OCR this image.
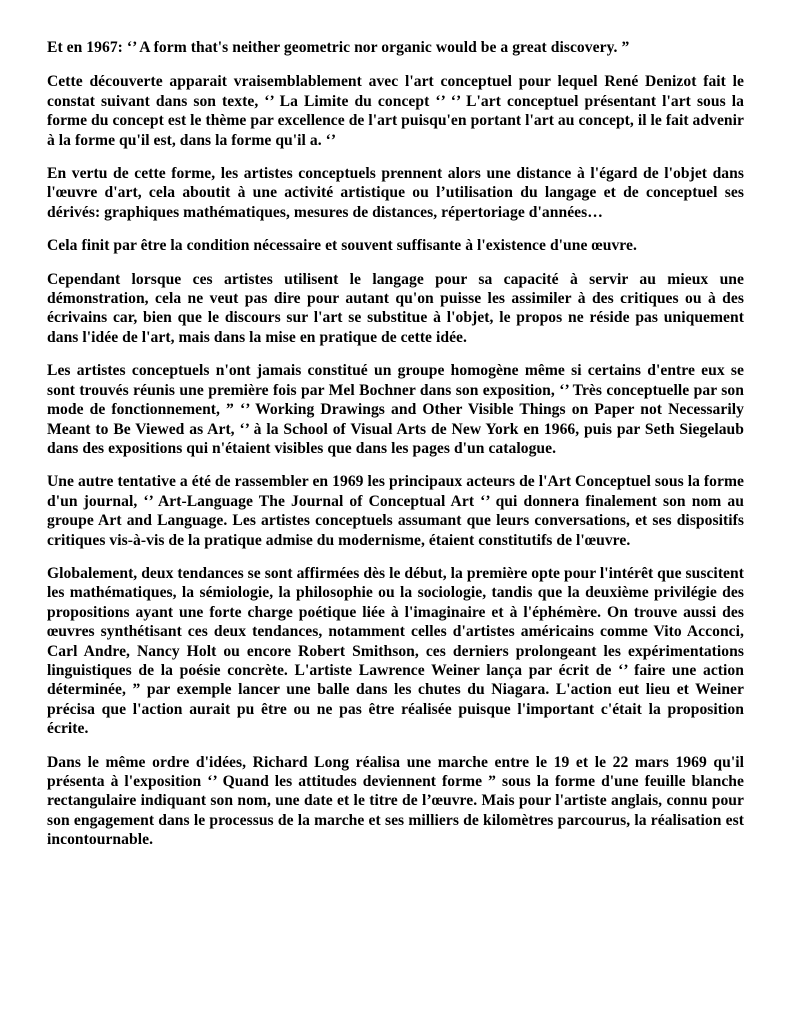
Et en 1967: ‘’ A form that's neither geometric nor organic would be a great discovery. ”

Cette découverte apparait vraisemblablement avec l'art conceptuel pour lequel René Denizot fait le constat suivant dans son texte, ‘’ La Limite du concept ‘’ ‘’ L'art conceptuel présentant l'art sous la forme du concept est le thème par excellence de l'art puisqu'en portant l'art au concept, il le fait advenir à la forme qu'il est, dans la forme qu'il a. ‘’

En vertu de cette forme, les artistes conceptuels prennent alors une distance à l'égard de l'objet dans l'œuvre d'art, cela aboutit à une activité artistique ou l’utilisation du langage et de conceptuel ses dérivés: graphiques mathématiques, mesures de distances, répertoriage d'années…

Cela finit par être la condition nécessaire et souvent suffisante à l'existence d'une œuvre.

Cependant lorsque ces artistes utilisent le langage pour sa capacité à servir au mieux une démonstration, cela ne veut pas dire pour autant qu'on puisse les assimiler à des critiques ou à des écrivains car, bien que le discours sur l'art se substitue à l'objet, le propos ne réside pas uniquement dans l'idée de l'art, mais dans la mise en pratique de cette idée.

Les artistes conceptuels n'ont jamais constitué un groupe homogène même si certains d'entre eux se sont trouvés réunis une première fois par Mel Bochner dans son exposition, ‘’ Très conceptuelle par son mode de fonctionnement, ” ‘’ Working Drawings and Other Visible Things on Paper not Necessarily Meant to Be Viewed as Art, ‘’ à la School of Visual Arts de New York en 1966, puis par Seth Siegelaub dans des expositions qui n'étaient visibles que dans les pages d'un catalogue.

Une autre tentative a été de rassembler en 1969 les principaux acteurs de l'Art Conceptuel sous la forme d'un journal, ‘’ Art-Language The Journal of Conceptual Art ‘’ qui donnera finalement son nom au groupe Art and Language. Les artistes conceptuels assumant que leurs conversations, et ses dispositifs critiques vis-à-vis de la pratique admise du modernisme, étaient constitutifs de l'œuvre.

Globalement, deux tendances se sont affirmées dès le début, la première opte pour l'intérêt que suscitent les mathématiques, la sémiologie, la philosophie ou la sociologie, tandis que la deuxième privilégie des propositions ayant une forte charge poétique liée à l'imaginaire et à l'éphémère. On trouve aussi des œuvres synthétisant ces deux tendances, notamment celles d'artistes américains comme Vito Acconci, Carl Andre, Nancy Holt ou encore Robert Smithson, ces derniers prolongeant les expérimentations linguistiques de la poésie concrète. L'artiste Lawrence Weiner lança par écrit de ‘’ faire une action déterminée, ” par exemple lancer une balle dans les chutes du Niagara. L'action eut lieu et Weiner précisa que l'action aurait pu être ou ne pas être réalisée puisque l'important c'était la proposition écrite.

Dans le même ordre d'idées, Richard Long réalisa une marche entre le 19 et le 22 mars 1969 qu'il présenta à l'exposition ‘’ Quand les attitudes deviennent forme ” sous la forme d'une feuille blanche rectangulaire indiquant son nom, une date et le titre de l’œuvre. Mais pour l'artiste anglais, connu pour son engagement dans le processus de la marche et ses milliers de kilomètres parcourus, la réalisation est incontournable.
